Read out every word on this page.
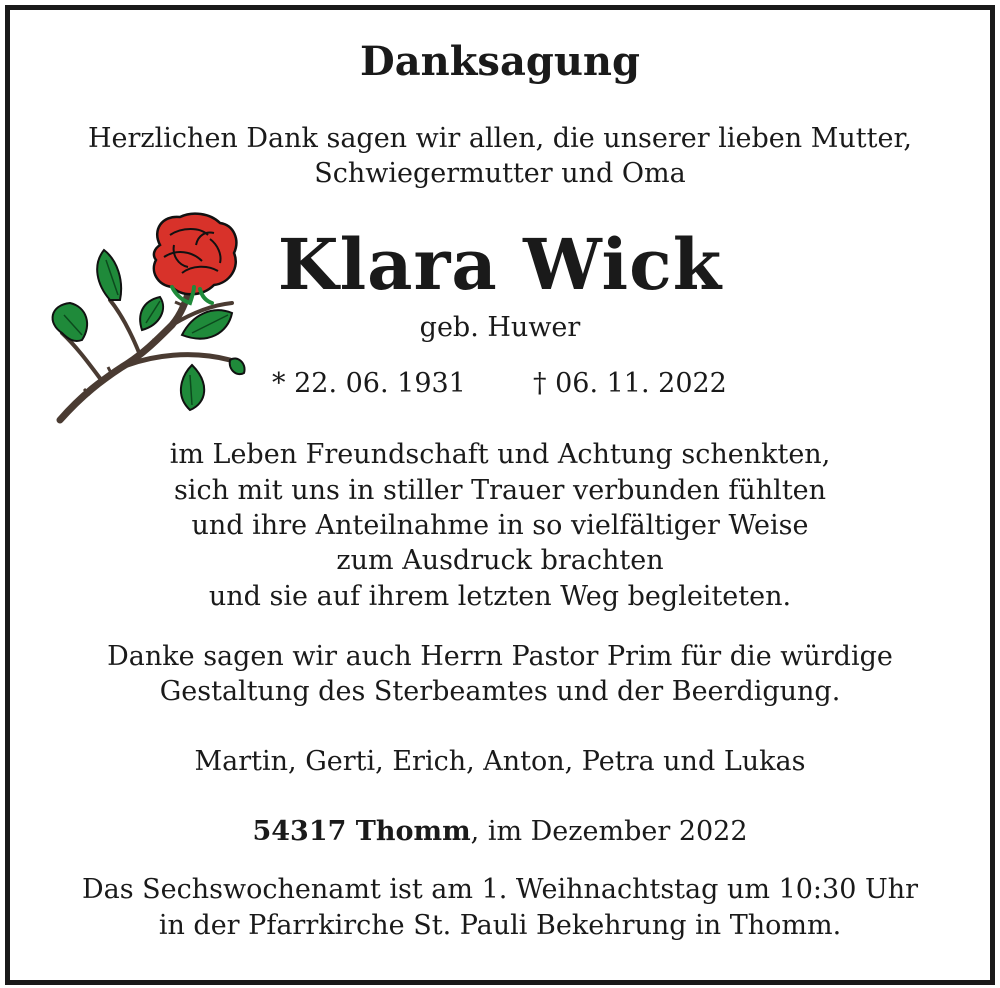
Danksagung
Herzlichen Dank sagen wir allen, die unserer lieben Mutter,
Schwiegermutter und Oma
Klara Wick
geb. Huwer
* 22. 06. 1931 † 06. 11. 2022
im Leben Freundschaft und Achtung schenkten,
sich mit uns in stiller Trauer verbunden fühlten
und ihre Anteilnahme in so vielfältiger Weise
zum Ausdruck brachten
und sie auf ihrem letzten Weg begleiteten.
Danke sagen wir auch Herrn Pastor Prim für die würdige
Gestaltung des Sterbeamtes und der Beerdigung.
Martin, Gerti, Erich, Anton, Petra und Lukas
54317 Thomm, im Dezember 2022
Das Sechswochenamt ist am 1. Weihnachtstag um 10:30 Uhr
in der Pfarrkirche St. Pauli Bekehrung in Thomm.
